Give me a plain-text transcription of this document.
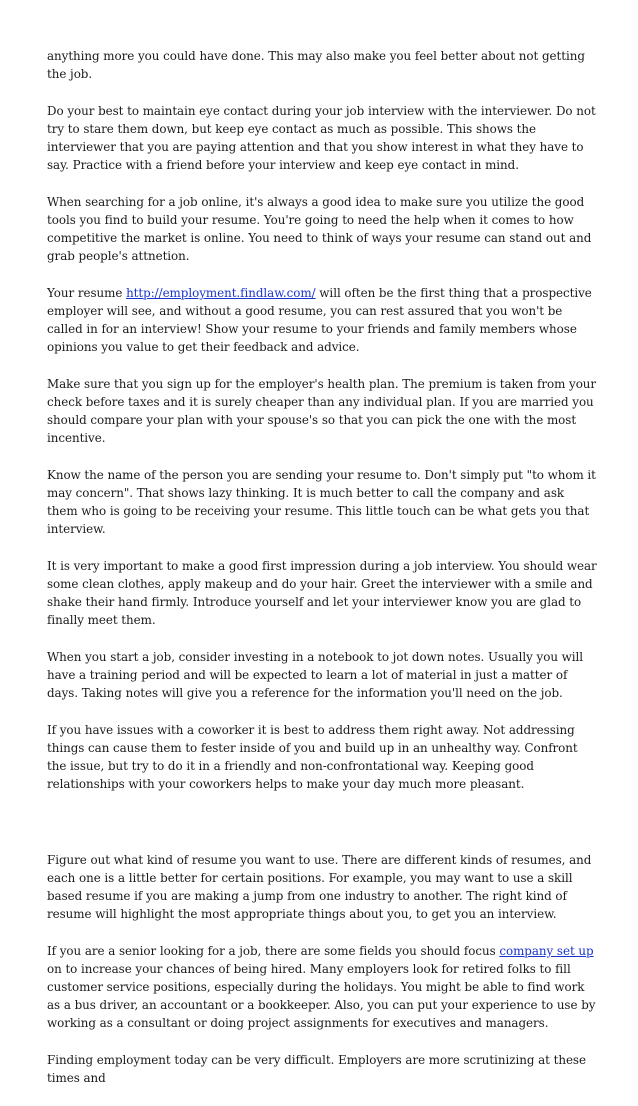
anything more you could have done. This may also make you feel better about not getting the job.

Do your best to maintain eye contact during your job interview with the interviewer. Do not try to stare them down, but keep eye contact as much as possible. This shows the interviewer that you are paying attention and that you show interest in what they have to say. Practice with a friend before your interview and keep eye contact in mind.

When searching for a job online, it's always a good idea to make sure you utilize the good tools you find to build your resume. You're going to need the help when it comes to how competitive the market is online. You need to think of ways your resume can stand out and grab people's attnetion.

Your resume http://employment.findlaw.com/ will often be the first thing that a prospective employer will see, and without a good resume, you can rest assured that you won't be called in for an interview! Show your resume to your friends and family members whose opinions you value to get their feedback and advice.

Make sure that you sign up for the employer's health plan. The premium is taken from your check before taxes and it is surely cheaper than any individual plan. If you are married you should compare your plan with your spouse's so that you can pick the one with the most incentive.

Know the name of the person you are sending your resume to. Don't simply put "to whom it may concern". That shows lazy thinking. It is much better to call the company and ask them who is going to be receiving your resume. This little touch can be what gets you that interview.

It is very important to make a good first impression during a job interview. You should wear some clean clothes, apply makeup and do your hair. Greet the interviewer with a smile and shake their hand firmly. Introduce yourself and let your interviewer know you are glad to finally meet them.

When you start a job, consider investing in a notebook to jot down notes. Usually you will have a training period and will be expected to learn a lot of material in just a matter of days. Taking notes will give you a reference for the information you'll need on the job.

If you have issues with a coworker it is best to address them right away. Not addressing things can cause them to fester inside of you and build up in an unhealthy way. Confront the issue, but try to do it in a friendly and non-confrontational way. Keeping good relationships with your coworkers helps to make your day much more pleasant.

Figure out what kind of resume you want to use. There are different kinds of resumes, and each one is a little better for certain positions. For example, you may want to use a skill based resume if you are making a jump from one industry to another. The right kind of resume will highlight the most appropriate things about you, to get you an interview.

If you are a senior looking for a job, there are some fields you should focus company set up on to increase your chances of being hired. Many employers look for retired folks to fill customer service positions, especially during the holidays. You might be able to find work as a bus driver, an accountant or a bookkeeper. Also, you can put your experience to use by working as a consultant or doing project assignments for executives and managers.

Finding employment today can be very difficult. Employers are more scrutinizing at these times and
